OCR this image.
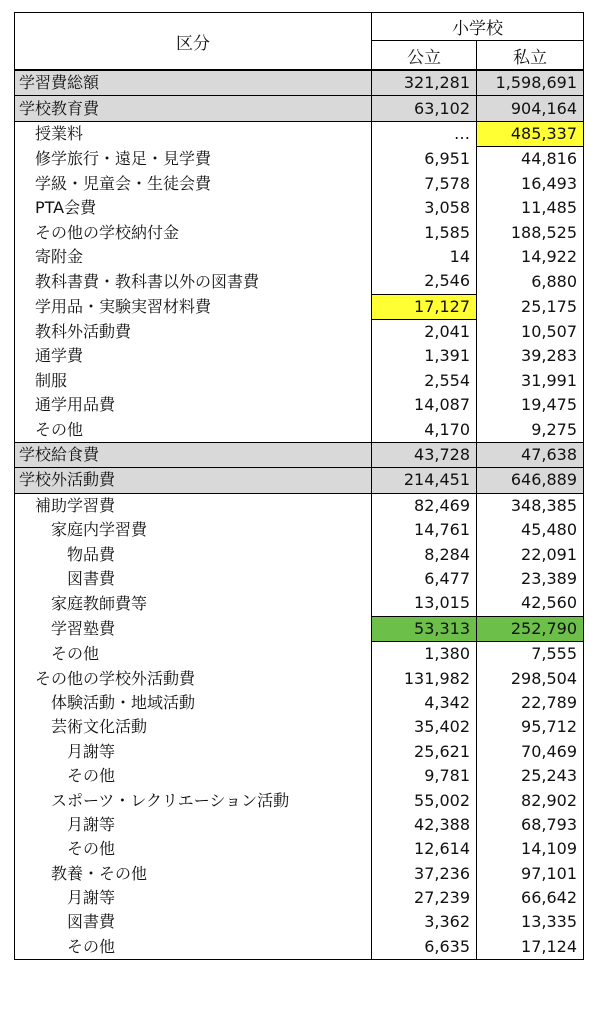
区分	小学校	
	公立	私立
学習費総額	321,281	1,598,691
学校教育費	63,102	904,164
授業料	…	485,337
修学旅行・遠足・見学費	6,951	44,816
学級・児童会・生徒会費	7,578	16,493
PTA会費	3,058	11,485
その他の学校納付金	1,585	188,525
寄附金	14	14,922
教科書費・教科書以外の図書費	2,546	6,880
学用品・実験実習材料費	17,127	25,175
教科外活動費	2,041	10,507
通学費	1,391	39,283
制服	2,554	31,991
通学用品費	14,087	19,475
その他	4,170	9,275
学校給食費	43,728	47,638
学校外活動費	214,451	646,889
補助学習費	82,469	348,385
家庭内学習費	14,761	45,480
物品費	8,284	22,091
図書費	6,477	23,389
家庭教師費等	13,015	42,560
学習塾費	53,313	252,790
その他	1,380	7,555
その他の学校外活動費	131,982	298,504
体験活動・地域活動	4,342	22,789
芸術文化活動	35,402	95,712
月謝等	25,621	70,469
その他	9,781	25,243
スポーツ・レクリエーション活動	55,002	82,902
月謝等	42,388	68,793
その他	12,614	14,109
教養・その他	37,236	97,101
月謝等	27,239	66,642
図書費	3,362	13,335
その他	6,635	17,124
